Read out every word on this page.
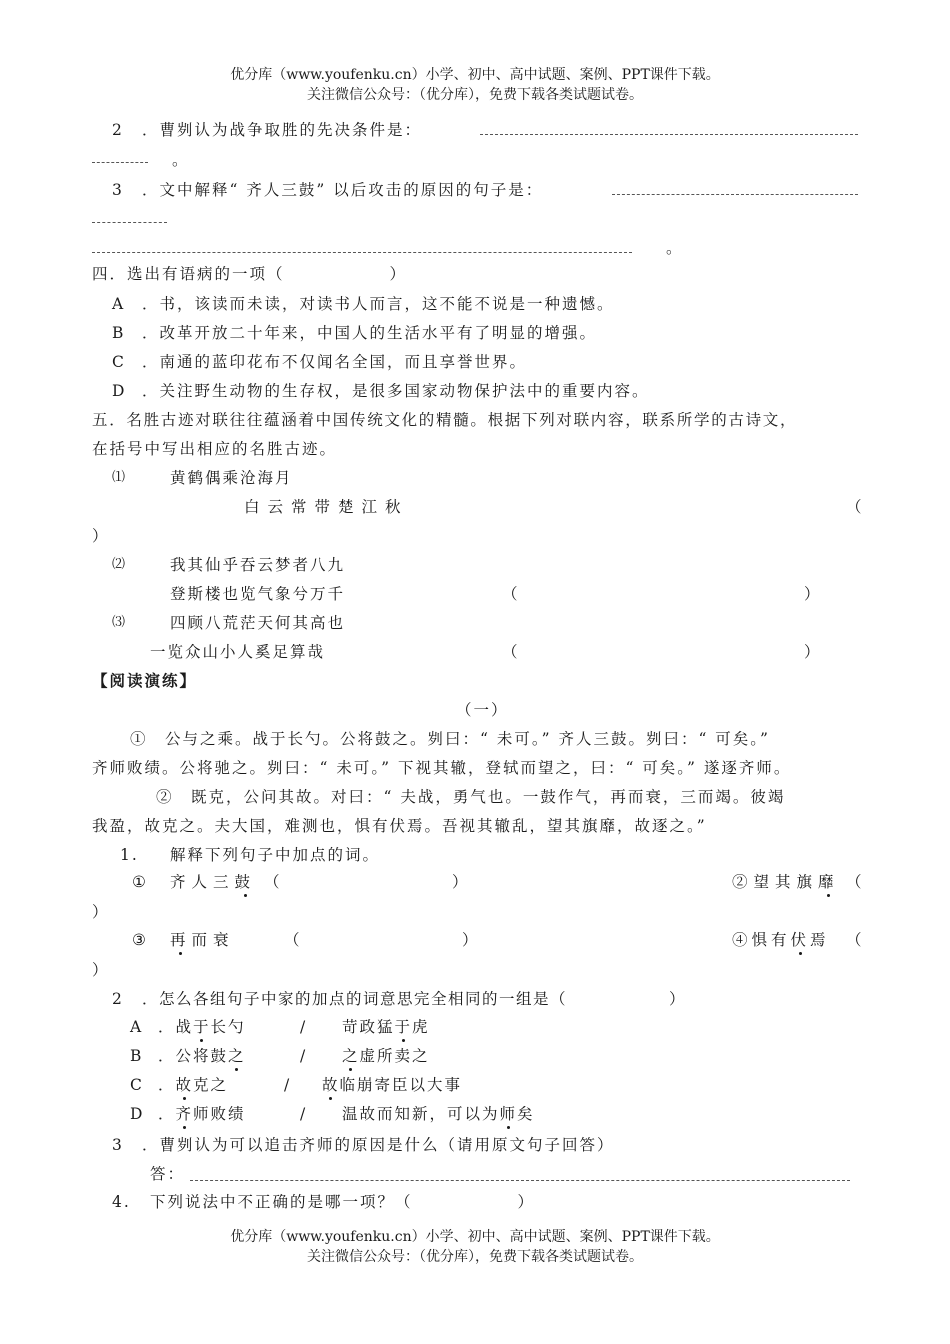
优分库（www.youfenku.cn）小学、初中、高中试题、案例、PPT课件下载。
关注微信公众号：（优分库），免费下载各类试题试卷。
2 ．曹刿认为战争取胜的先决条件是：
。
3 ．文中解释“ 齐人三鼓” 以后攻击的原因的句子是：
。
四．选出有语病的一项（　　　　　　）
A ．书，该读而未读，对读书人而言，这不能不说是一种遗憾。
B ．改革开放二十年来，中国人的生活水平有了明显的增强。
C ．南通的蓝印花布不仅闻名全国，而且享誉世界。
D ．关注野生动物的生存权，是很多国家动物保护法中的重要内容。
五．名胜古迹对联往往蕴涵着中国传统文化的精髓。根据下列对联内容，联系所学的古诗文，
在括号中写出相应的名胜古迹。
⑴	黄鹤偶乘沧海月
白云常带楚江秋	（
）
⑵	我其仙乎吞云梦者八九
登斯楼也览气象兮万千	（	）
⑶	四顾八荒茫天何其高也
一览众山小人奚足算哉	（	）
【阅读演练】
（一）
①　公与之乘。战于长勺。公将鼓之。刿曰：“ 未可。” 齐人三鼓。刿曰：“ 可矣。”
齐师败绩。公将驰之。刿曰：“ 未可。” 下视其辙，登轼而望之，曰：“ 可矣。” 遂逐齐师。
②　既克，公问其故。对曰：“ 夫战，勇气也。一鼓作气，再而衰，三而竭。彼竭
我盈，故克之。夫大国，难测也，惧有伏焉。吾视其辙乱，望其旗靡，故逐之。”
1. 解释下列句子中加点的词。
① 齐人三鼓 （	）	②望其旗靡 （
）
③ 再而衰	（	）	④惧有伏焉 （
）
2 ．怎么各组句子中家的加点的词意思完全相同的一组是（　　　　　　）
A ．战于长勺	/ 苛政猛于虎
B ．公将鼓之	/ 之虚所卖之
C ．故克之	/ 故临崩寄臣以大事
D ．齐师败绩	/ 温故而知新，可以为师矣
3 ．曹刿认为可以追击齐师的原因是什么（请用原文句子回答）
答：
4. 下列说法中不正确的是哪一项？（　　　　　　）
优分库（www.youfenku.cn）小学、初中、高中试题、案例、PPT课件下载。
关注微信公众号：（优分库），免费下载各类试题试卷。
